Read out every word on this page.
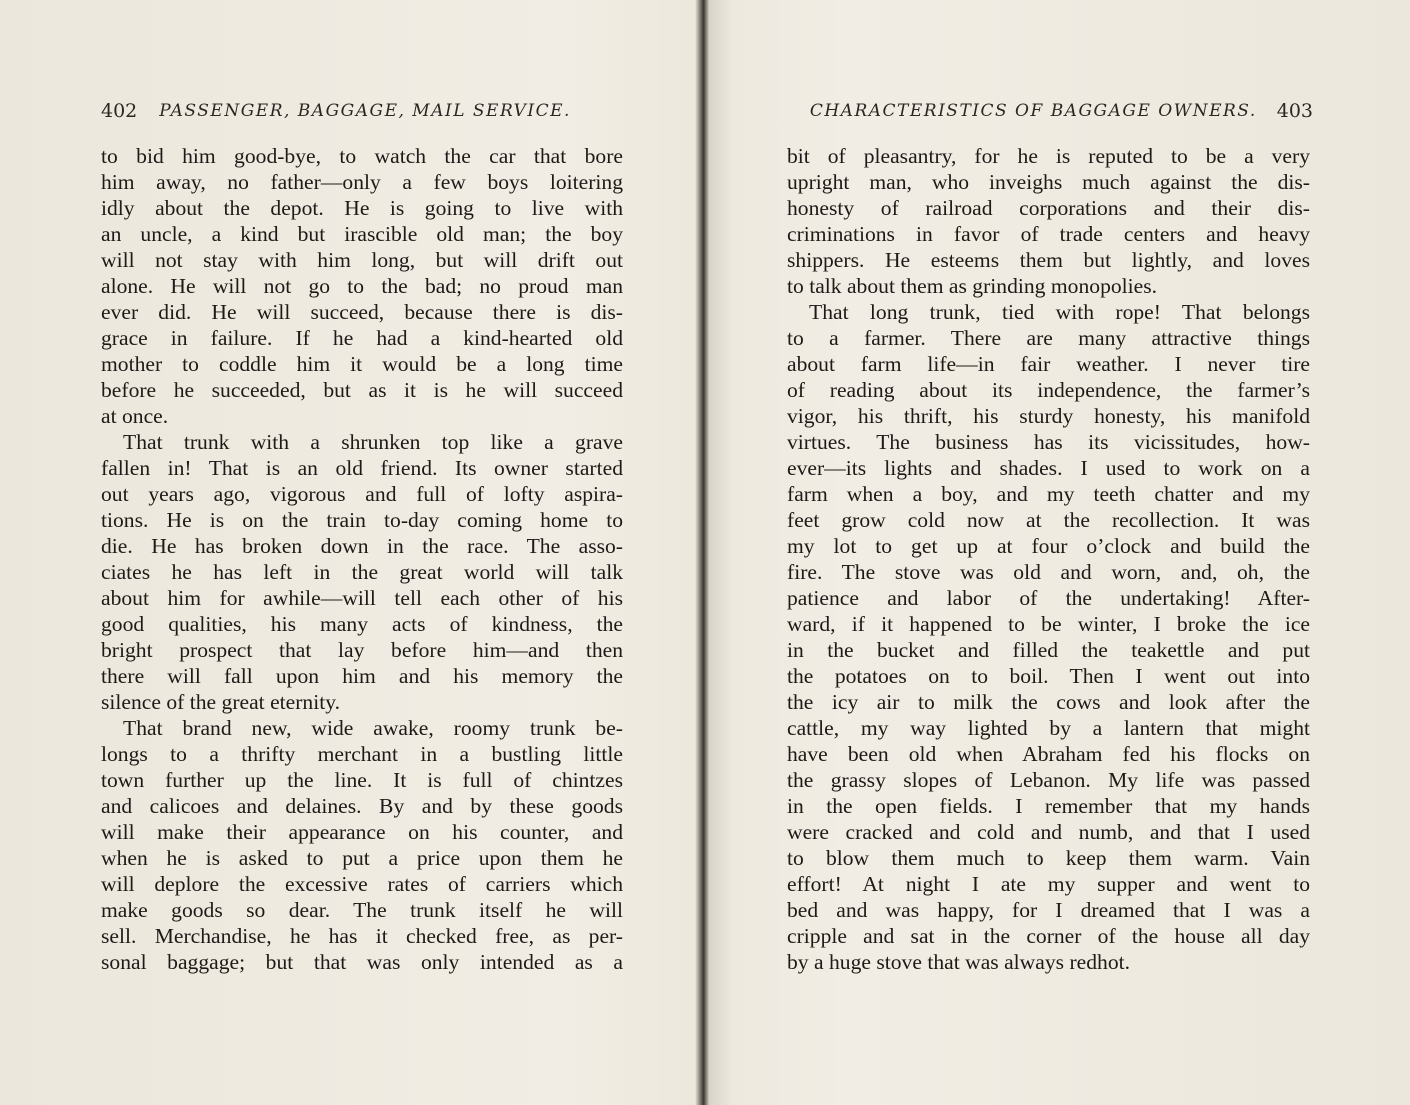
402 PASSENGER, BAGGAGE, MAIL SERVICE.
to bid him good-bye, to watch the car that bore
him away, no father—only a few boys loitering
idly about the depot. He is going to live with
an uncle, a kind but irascible old man; the boy
will not stay with him long, but will drift out
alone. He will not go to the bad; no proud man
ever did. He will succeed, because there is dis-
grace in failure. If he had a kind-hearted old
mother to coddle him it would be a long time
before he succeeded, but as it is he will succeed
at once.
That trunk with a shrunken top like a grave
fallen in! That is an old friend. Its owner started
out years ago, vigorous and full of lofty aspira-
tions. He is on the train to-day coming home to
die. He has broken down in the race. The asso-
ciates he has left in the great world will talk
about him for awhile—will tell each other of his
good qualities, his many acts of kindness, the
bright prospect that lay before him—and then
there will fall upon him and his memory the
silence of the great eternity.
That brand new, wide awake, roomy trunk be-
longs to a thrifty merchant in a bustling little
town further up the line. It is full of chintzes
and calicoes and delaines. By and by these goods
will make their appearance on his counter, and
when he is asked to put a price upon them he
will deplore the excessive rates of carriers which
make goods so dear. The trunk itself he will
sell. Merchandise, he has it checked free, as per-
sonal baggage; but that was only intended as a
CHARACTERISTICS OF BAGGAGE OWNERS. 403
bit of pleasantry, for he is reputed to be a very
upright man, who inveighs much against the dis-
honesty of railroad corporations and their dis-
criminations in favor of trade centers and heavy
shippers. He esteems them but lightly, and loves
to talk about them as grinding monopolies.
That long trunk, tied with rope! That belongs
to a farmer. There are many attractive things
about farm life—in fair weather. I never tire
of reading about its independence, the farmer’s
vigor, his thrift, his sturdy honesty, his manifold
virtues. The business has its vicissitudes, how-
ever—its lights and shades. I used to work on a
farm when a boy, and my teeth chatter and my
feet grow cold now at the recollection. It was
my lot to get up at four o’clock and build the
fire. The stove was old and worn, and, oh, the
patience and labor of the undertaking! After-
ward, if it happened to be winter, I broke the ice
in the bucket and filled the teakettle and put
the potatoes on to boil. Then I went out into
the icy air to milk the cows and look after the
cattle, my way lighted by a lantern that might
have been old when Abraham fed his flocks on
the grassy slopes of Lebanon. My life was passed
in the open fields. I remember that my hands
were cracked and cold and numb, and that I used
to blow them much to keep them warm. Vain
effort! At night I ate my supper and went to
bed and was happy, for I dreamed that I was a
cripple and sat in the corner of the house all day
by a huge stove that was always redhot.
